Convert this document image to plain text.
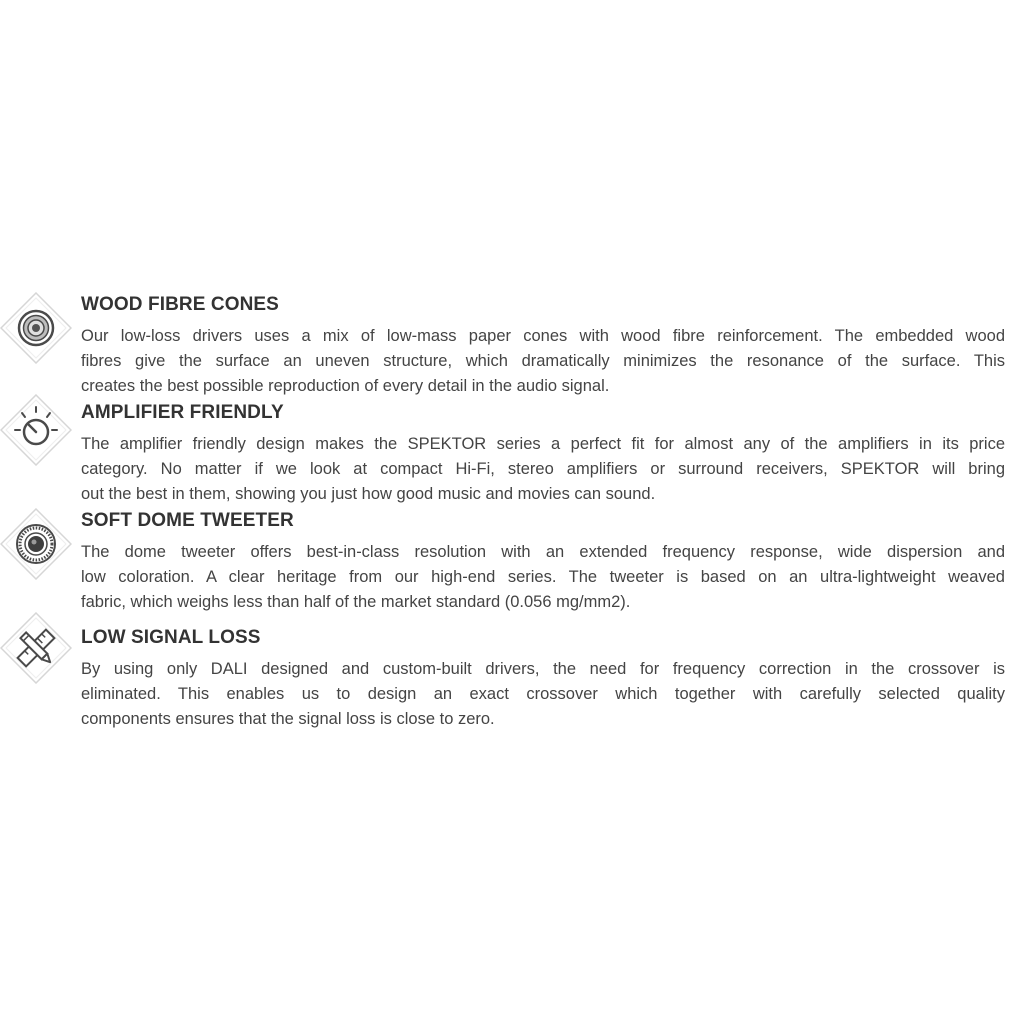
WOOD FIBRE CONES
Our low-loss drivers uses a mix of low-mass paper cones with wood fibre reinforcement. The embedded wood
fibres give the surface an uneven structure, which dramatically minimizes the resonance of the surface. This
creates the best possible reproduction of every detail in the audio signal.
AMPLIFIER FRIENDLY
The amplifier friendly design makes the SPEKTOR series a perfect fit for almost any of the amplifiers in its price
category. No matter if we look at compact Hi-Fi, stereo amplifiers or surround receivers, SPEKTOR will bring
out the best in them, showing you just how good music and movies can sound.
SOFT DOME TWEETER
The dome tweeter offers best-in-class resolution with an extended frequency response, wide dispersion and
low coloration. A clear heritage from our high-end series. The tweeter is based on an ultra-lightweight weaved
fabric, which weighs less than half of the market standard (0.056 mg/mm2).
LOW SIGNAL LOSS
By using only DALI designed and custom-built drivers, the need for frequency correction in the crossover is
eliminated. This enables us to design an exact crossover which together with carefully selected quality
components ensures that the signal loss is close to zero.
